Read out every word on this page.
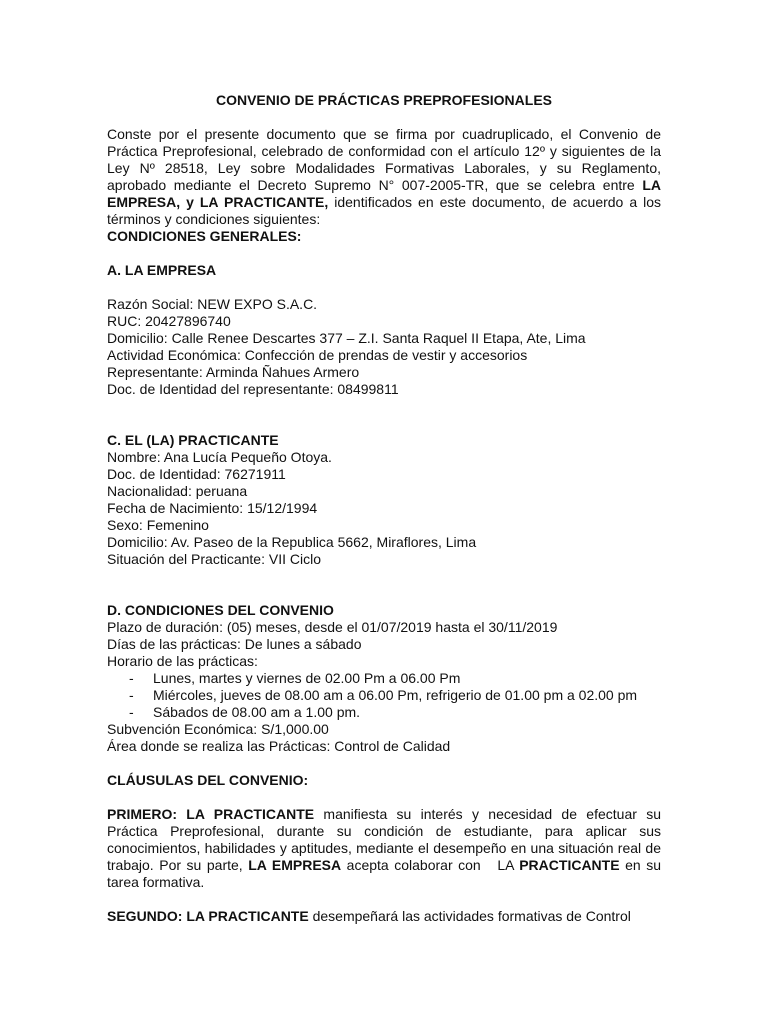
CONVENIO DE PRÁCTICAS PREPROFESIONALES

Conste por el presente documento que se firma por cuadruplicado, el Convenio de Práctica Preprofesional, celebrado de conformidad con el artículo 12º y siguientes de la Ley Nº 28518, Ley sobre Modalidades Formativas Laborales, y su Reglamento, aprobado mediante el Decreto Supremo N° 007-2005-TR, que se celebra entre LA EMPRESA, y LA PRACTICANTE, identificados en este documento, de acuerdo a los términos y condiciones siguientes:

CONDICIONES GENERALES:

A. LA EMPRESA

Razón Social: NEW EXPO S.A.C.

RUC: 20427896740

Domicilio: Calle Renee Descartes 377 – Z.I. Santa Raquel II Etapa, Ate, Lima

Actividad Económica: Confección de prendas de vestir y accesorios

Representante: Arminda Ñahues Armero

Doc. de Identidad del representante: 08499811

C. EL (LA) PRACTICANTE

Nombre: Ana Lucía Pequeño Otoya.

Doc. de Identidad: 76271911

Nacionalidad: peruana

Fecha de Nacimiento: 15/12/1994

Sexo: Femenino

Domicilio: Av. Paseo de la Republica 5662, Miraflores, Lima

Situación del Practicante: VII Ciclo

D. CONDICIONES DEL CONVENIO

Plazo de duración: (05) meses, desde el 01/07/2019 hasta el 30/11/2019

Días de las prácticas: De lunes a sábado

Horario de las prácticas:

- Lunes, martes y viernes de 02.00 Pm a 06.00 Pm

- Miércoles, jueves de 08.00 am a 06.00 Pm, refrigerio de 01.00 pm a 02.00 pm

- Sábados de 08.00 am a 1.00 pm.

Subvención Económica: S/1,000.00

Área donde se realiza las Prácticas: Control de Calidad

CLÁUSULAS DEL CONVENIO:

PRIMERO: LA PRACTICANTE manifiesta su interés y necesidad de efectuar su Práctica Preprofesional, durante su condición de estudiante, para aplicar sus conocimientos, habilidades y aptitudes, mediante el desempeño en una situación real de trabajo. Por su parte, LA EMPRESA acepta colaborar con   LA PRACTICANTE en su tarea formativa.

SEGUNDO: LA PRACTICANTE desempeñará las actividades formativas de Control
